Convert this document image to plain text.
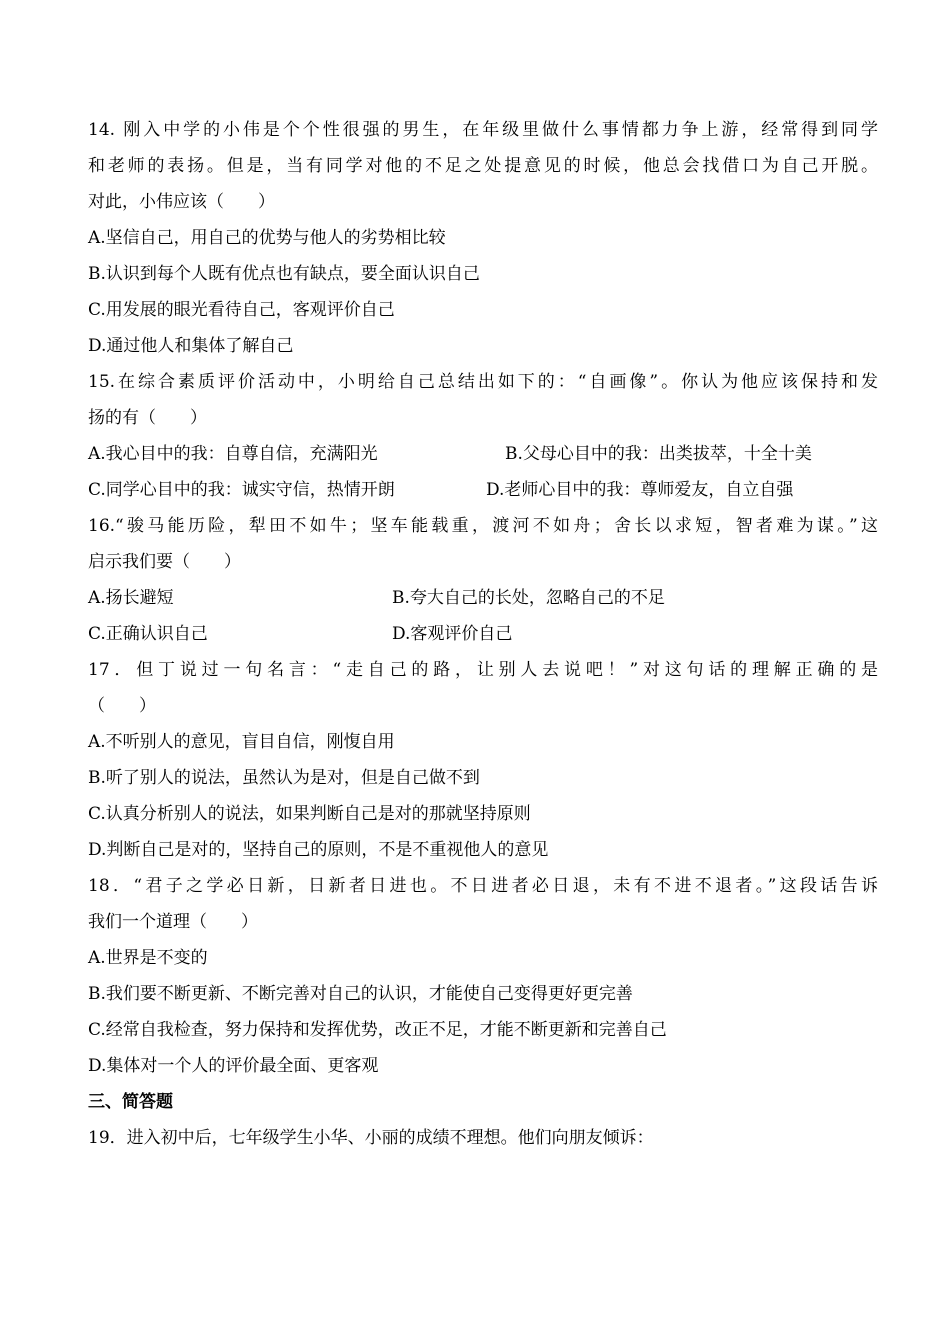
14. 刚入中学的小伟是个个性很强的男生，在年级里做什么事情都力争上游，经常得到同学
和老师的表扬。但是，当有同学对他的不足之处提意见的时候，他总会找借口为自己开脱。
对此，小伟应该（　　）
A.坚信自己，用自己的优势与他人的劣势相比较
B.认识到每个人既有优点也有缺点，要全面认识自己
C.用发展的眼光看待自己，客观评价自己
D.通过他人和集体了解自己
15.在综合素质评价活动中，小明给自己总结出如下的：“自画像”。你认为他应该保持和发
扬的有（　　）
A.我心目中的我：自尊自信，充满阳光	B.父母心目中的我：出类拔萃，十全十美
C.同学心目中的我：诚实守信，热情开朗	D.老师心目中的我：尊师爱友，自立自强
16.“骏马能历险，犁田不如牛；坚车能载重，渡河不如舟；舍长以求短，智者难为谋。”这
启示我们要（　　）
A.扬长避短	B.夸大自己的长处，忽略自己的不足
C.正确认识自己	D.客观评价自己
17．但丁说过一句名言：“走自己的路，让别人去说吧！”对这句话的理解正确的是
（　　）
A.不听别人的意见，盲目自信，刚愎自用
B.听了别人的说法，虽然认为是对，但是自己做不到
C.认真分析别人的说法，如果判断自己是对的那就坚持原则
D.判断自己是对的，坚持自己的原则，不是不重视他人的意见
18．“君子之学必日新，日新者日进也。不日进者必日退，未有不进不退者。”这段话告诉
我们一个道理（　　）
A.世界是不变的
B.我们要不断更新、不断完善对自己的认识，才能使自己变得更好更完善
C.经常自我检查，努力保持和发挥优势，改正不足，才能不断更新和完善自己
D.集体对一个人的评价最全面、更客观
三、简答题
19．进入初中后，七年级学生小华、小丽的成绩不理想。他们向朋友倾诉：
